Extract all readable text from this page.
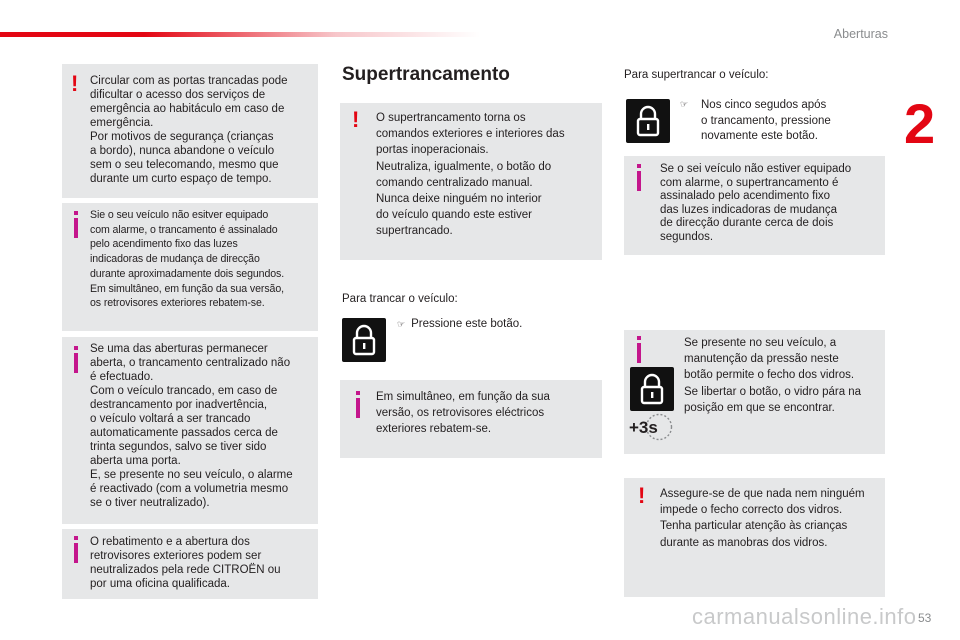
Aberturas
2
! Circular com as portas trancadas pode
dificultar o acesso dos serviços de
emergência ao habitáculo em caso de
emergência.
Por motivos de segurança (crianças
a bordo), nunca abandone o veículo
sem o seu telecomando, mesmo que
durante um curto espaço de tempo.
Sie o seu veículo não esitver equipado
com alarme, o trancamento é assinalado
pelo acendimento fixo das luzes
indicadoras de mudança de direcção
durante aproximadamente dois segundos.
Em simultâneo, em função da sua versão,
os retrovisores exteriores rebatem-se.
Se uma das aberturas permanecer
aberta, o trancamento centralizado não
é efectuado.
Com o veículo trancado, em caso de
destrancamento por inadvertência,
o veículo voltará a ser trancado
automaticamente passados cerca de
trinta segundos, salvo se tiver sido
aberta uma porta.
E, se presente no seu veículo, o alarme
é reactivado (com a volumetria mesmo
se o tiver neutralizado).
O rebatimento e a abertura dos
retrovisores exteriores podem ser
neutralizados pela rede CITROËN ou
por uma oficina qualificada.
Supertrancamento
! O supertrancamento torna os
comandos exteriores e interiores das
portas inoperacionais.
Neutraliza, igualmente, o botão do
comando centralizado manual.
Nunca deixe ninguém no interior
do veículo quando este estiver
supertrancado.
Para trancar o veículo:
☞ Pressione este botão.
Em simultâneo, em função da sua
versão, os retrovisores eléctricos
exteriores rebatem-se.
Para supertrancar o veículo:
☞	Nos cinco segudos após
o trancamento, pressione
novamente este botão.
Se o sei veículo não estiver equipado
com alarme, o supertrancamento é
assinalado pelo acendimento fixo
das luzes indicadoras de mudança
de direcção durante cerca de dois
segundos.
+3s
Se presente no seu veículo, a
manutenção da pressão neste
botão permite o fecho dos vidros.
Se libertar o botão, o vidro pára na
posição em que se encontrar.
! Assegure-se de que nada nem ninguém
impede o fecho correcto dos vidros.
Tenha particular atenção às crianças
durante as manobras dos vidros.
53
carmanualsonline.info
